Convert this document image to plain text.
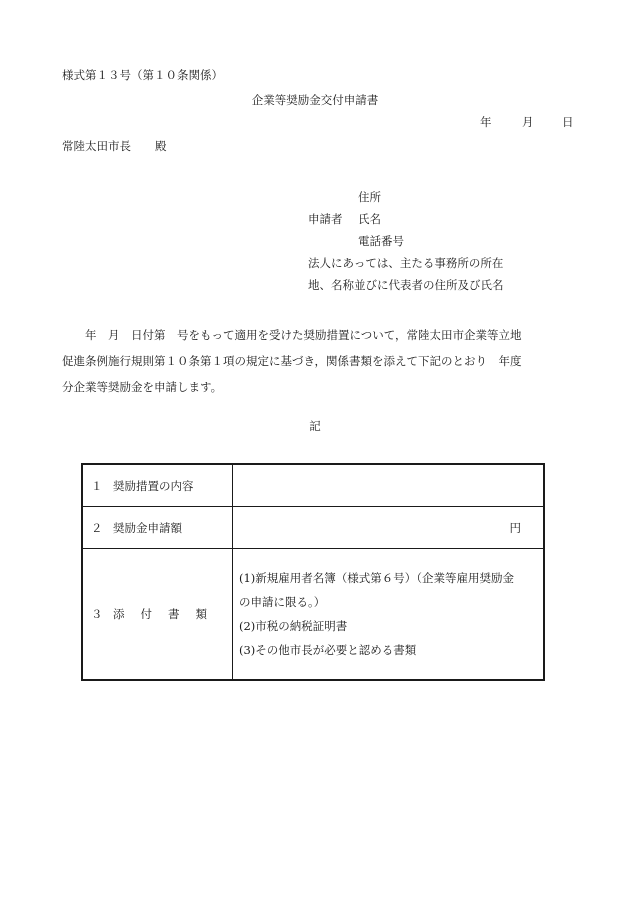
様式第１３号（第１０条関係）
企業等奨励金交付申請書
年	月 日
常陸太田市長 殿
住所
申請者 氏名
電話番号
法人にあっては、主たる事務所の所在
地、名称並びに代表者の住所及び氏名

　　年　月　日付第　号をもって適用を受けた奨励措置について，常陸太田市企業等立地

促進条例施行規則第１０条第１項の規定に基づき，関係書類を添えて下記のとおり　年度

分企業等奨励金を申請します。

記
１ 奨励措置の内容	
２ 奨励金申請額	円
３ 添 付 書 類	(1)新規雇用者名簿（様式第６号）（企業等雇用奨励金
の申請に限る。）
(2)市税の納税証明書
(3)その他市長が必要と認める書類
